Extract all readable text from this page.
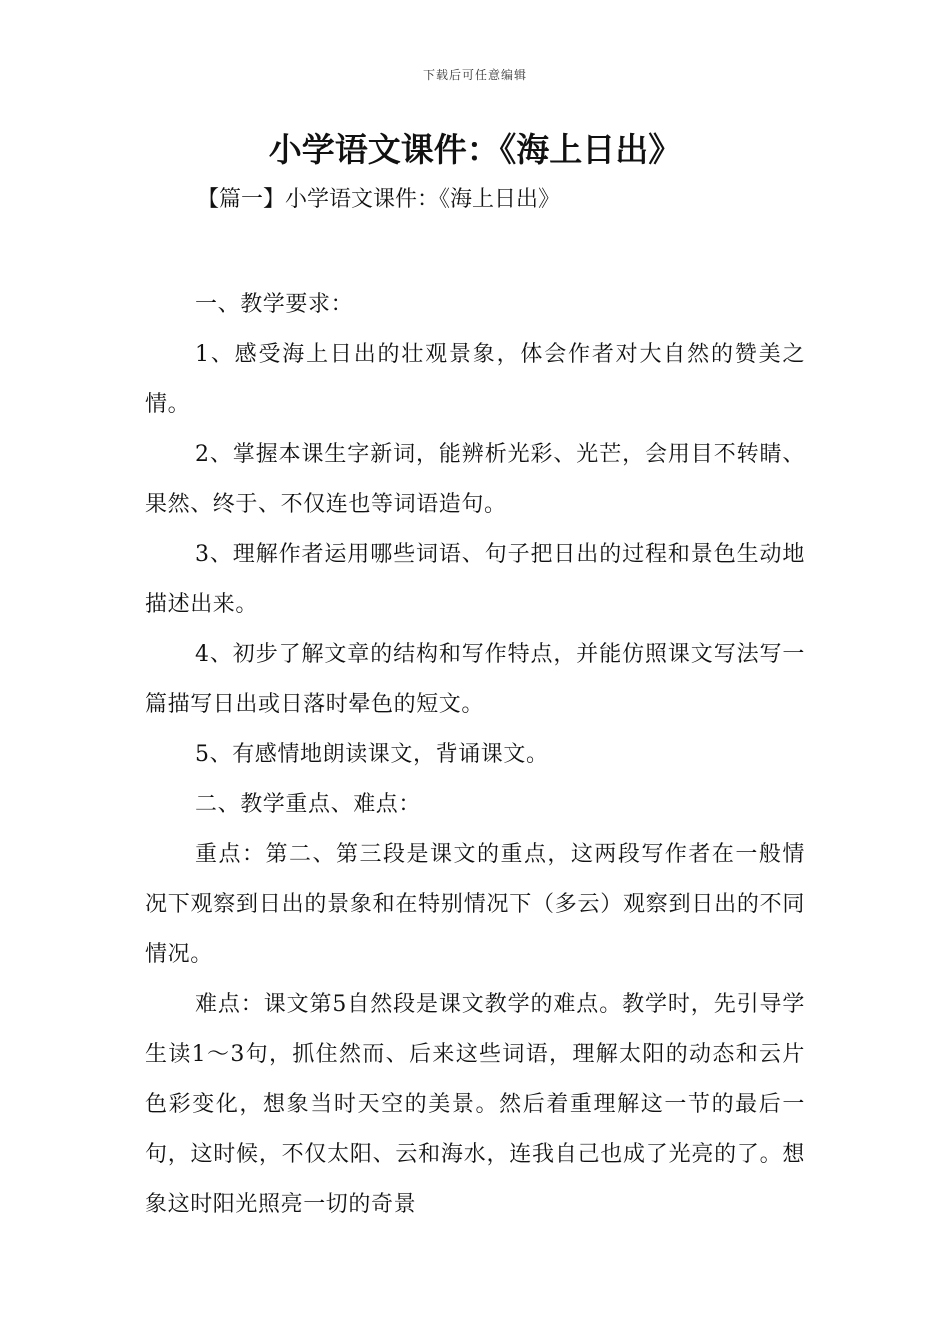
下载后可任意编辑
小学语文课件：《海上日出》
【篇一】小学语文课件：《海上日出》

一、教学要求：

1、感受海上日出的壮观景象，体会作者对大自然的赞美之情。

2、掌握本课生字新词，能辨析光彩、光芒，会用目不转睛、果然、终于、不仅连也等词语造句。

3、理解作者运用哪些词语、句子把日出的过程和景色生动地描述出来。

4、初步了解文章的结构和写作特点，并能仿照课文写法写一篇描写日出或日落时晕色的短文。

5、有感情地朗读课文，背诵课文。

二、教学重点、难点：

重点：第二、第三段是课文的重点，这两段写作者在一般情况下观察到日出的景象和在特别情况下（多云）观察到日出的不同情况。

难点：课文第5自然段是课文教学的难点。教学时，先引导学生读1～3句，抓住然而、后来这些词语，理解太阳的动态和云片色彩变化，想象当时天空的美景。然后着重理解这一节的最后一句，这时候，不仅太阳、云和海水，连我自己也成了光亮的了。想象这时阳光照亮一切的奇景
